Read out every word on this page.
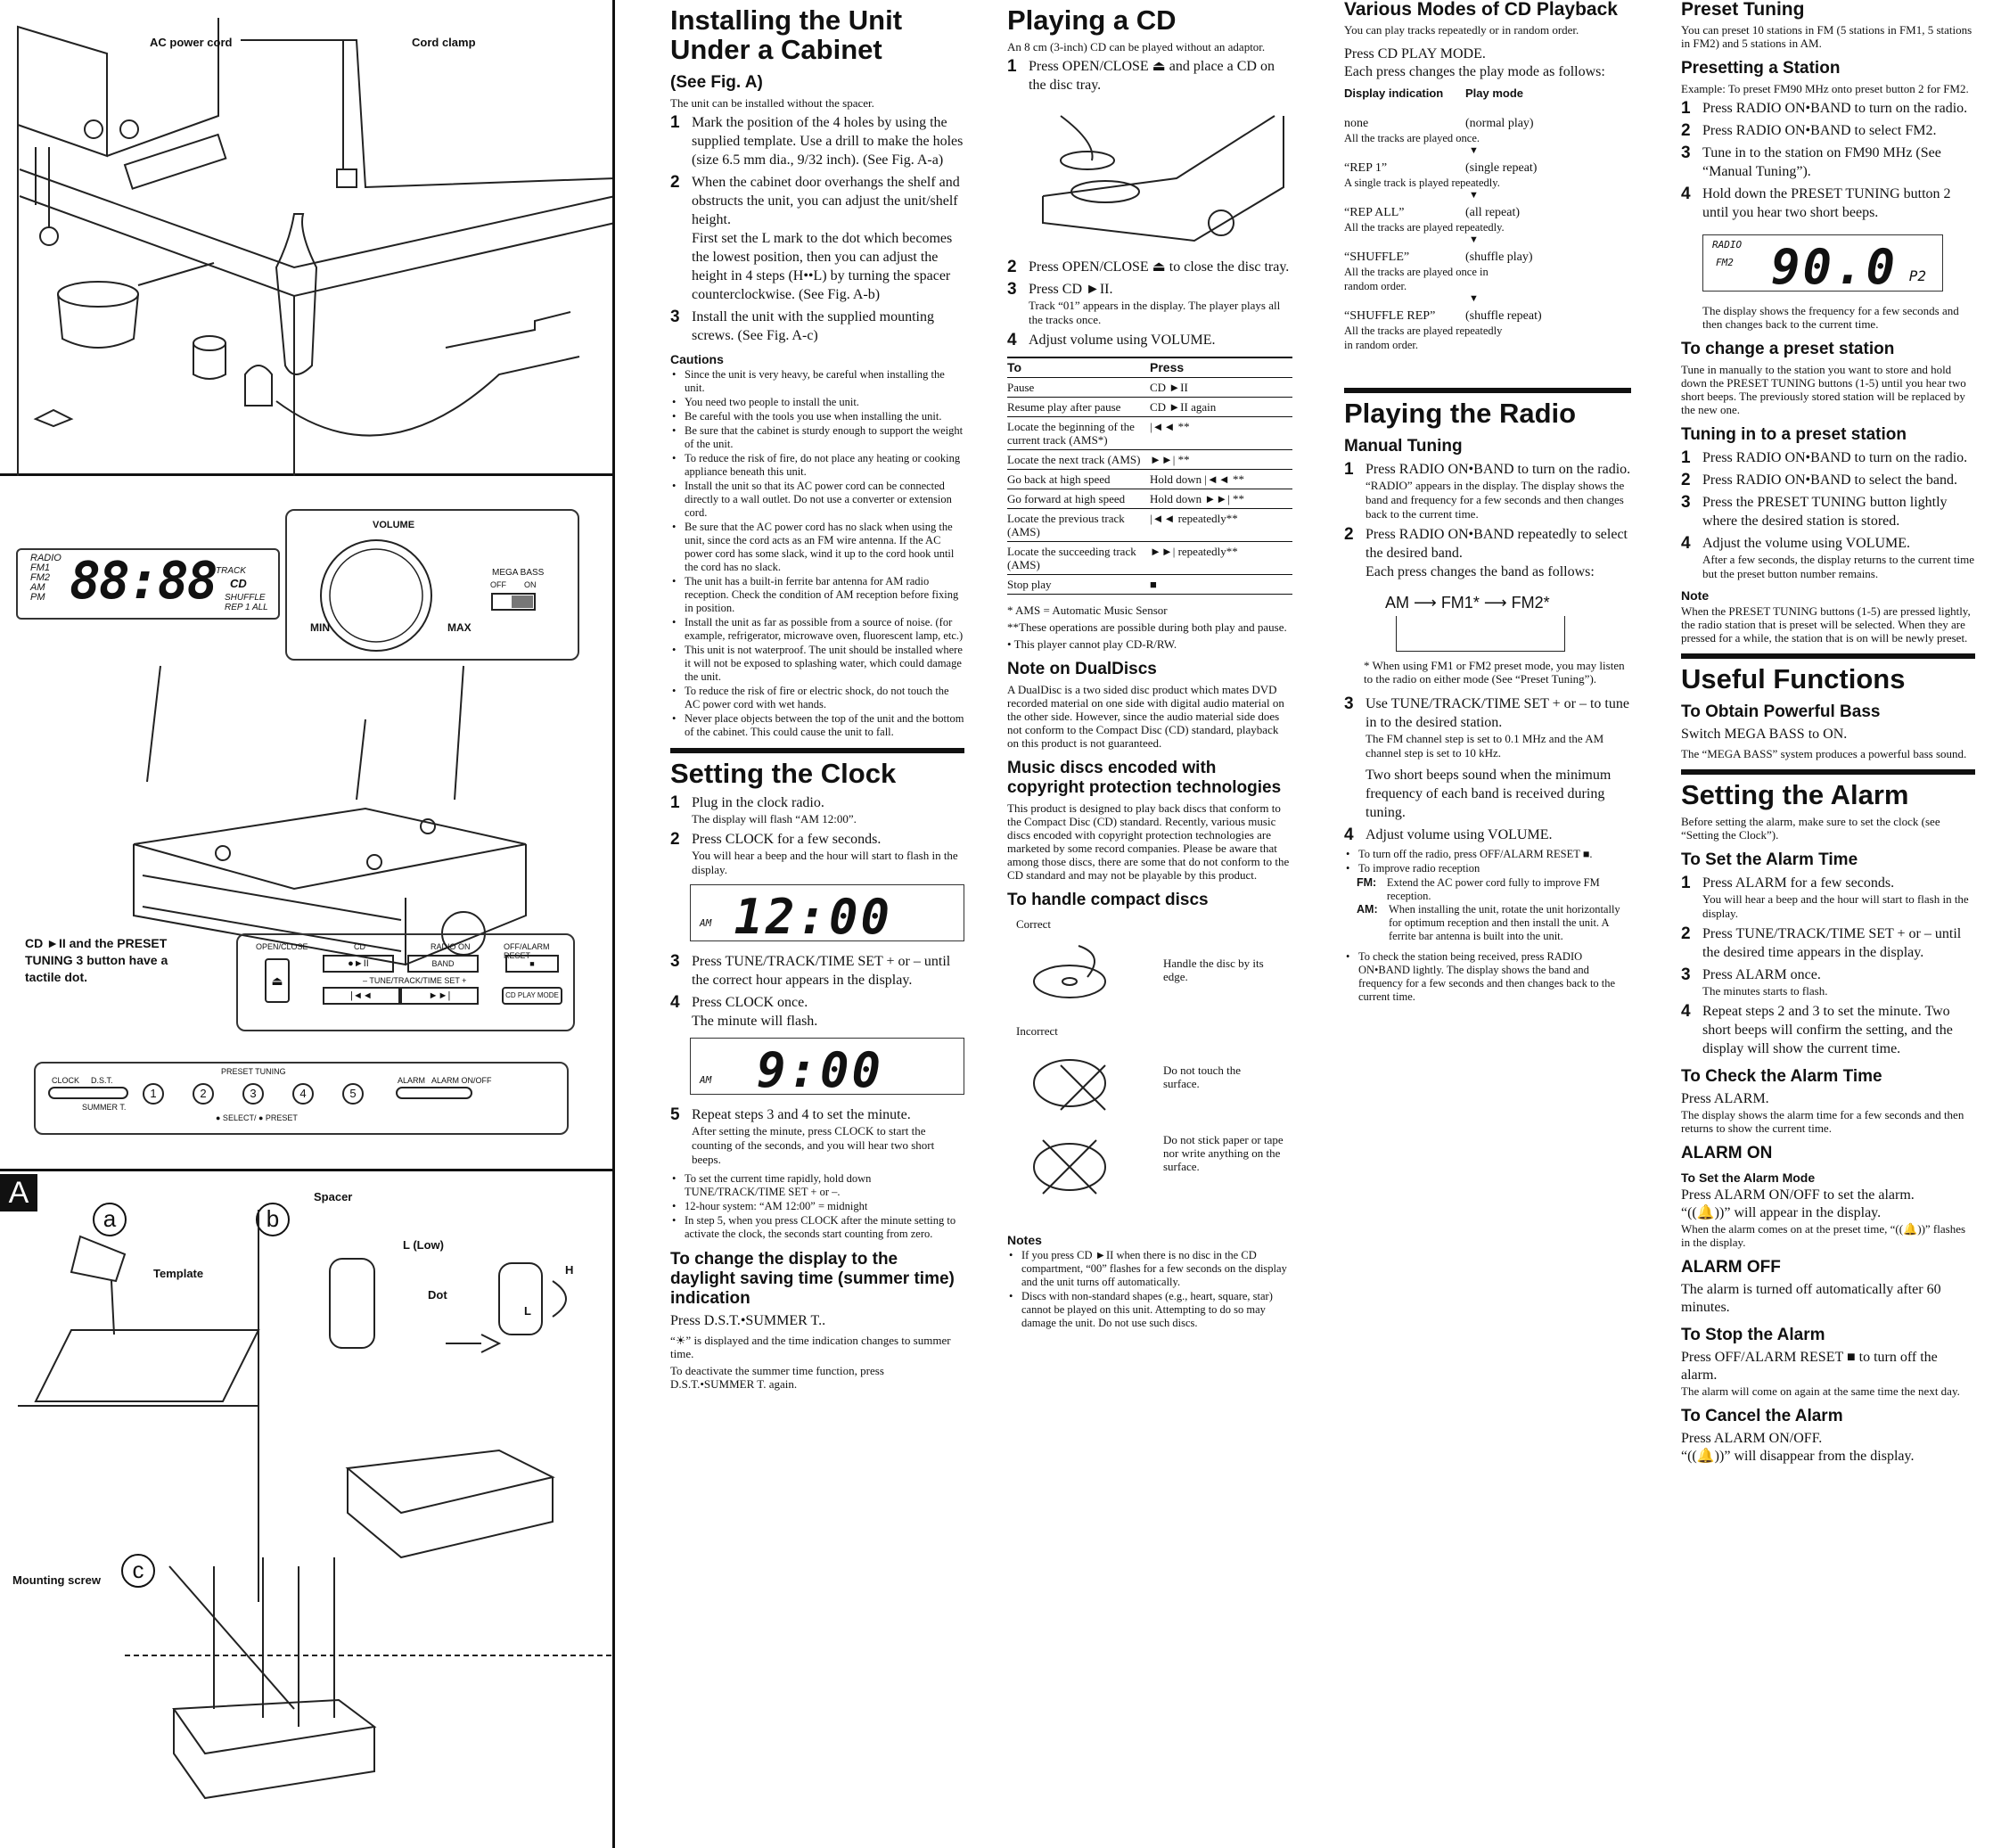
AC power cord	Cord clamp
RADIO
FM1
FM2
AM
PM 88:88 TRACK
CD
SHUFFLE
REP 1 ALL
VOLUME
MIN	MAX
MEGA BASS
OFF ON
CD ►II and the PRESET TUNING 3 button have a tactile dot.
OPEN/CLOSE
⏏
CD
●►II
RADIO ON
BAND
OFF/ALARM RESET
■
– TUNE/TRACK/TIME SET +
|◄◄	►►|	CD PLAY MODE
CLOCK D.S.T.
SUMMER T.
PRESET TUNING
1	2	3	4	5
● SELECT/ ● PRESET
ALARM ALARM ON/OFF
A
a	b
c
Spacer
Template
L (Low)
Dot
H
L
Mounting screw
Installing the Unit Under a Cabinet
(See Fig. A)

The unit can be installed without the spacer.

1 Mark the position of the 4 holes by using the supplied template. Use a drill to make the holes (size 6.5 mm dia., 9/32 inch). (See Fig. A-a)
2 When the cabinet door overhangs the shelf and obstructs the unit, you can adjust the unit/shelf height.
First set the L mark to the dot which becomes the lowest position, then you can adjust the height in 4 steps (H••L) by turning the spacer counterclockwise. (See Fig. A-b)
3 Install the unit with the supplied mounting screws. (See Fig. A-c)
Cautions
• Since the unit is very heavy, be careful when installing the unit.
• You need two people to install the unit.
• Be careful with the tools you use when installing the unit.
• Be sure that the cabinet is sturdy enough to support the weight of the unit.
• To reduce the risk of fire, do not place any heating or cooking appliance beneath this unit.
• Install the unit so that its AC power cord can be connected directly to a wall outlet. Do not use a converter or extension cord.
• Be sure that the AC power cord has no slack when using the unit, since the cord acts as an FM wire antenna. If the AC power cord has some slack, wind it up to the cord hook until the cord has no slack.
• The unit has a built-in ferrite bar antenna for AM radio reception. Check the condition of AM reception before fixing in position.
• Install the unit as far as possible from a source of noise. (for example, refrigerator, microwave oven, fluorescent lamp, etc.)
• This unit is not waterproof. The unit should be installed where it will not be exposed to splashing water, which could damage the unit.
• To reduce the risk of fire or electric shock, do not touch the AC power cord with wet hands.
• Never place objects between the top of the unit and the bottom of the cabinet. This could cause the unit to fall.
Setting the Clock
1 Plug in the clock radio.
The display will flash “AM 12:00”.
2 Press CLOCK for a few seconds.
You will hear a beep and the hour will start to flash in the display.
AM 12:00
3 Press TUNE/TRACK/TIME SET + or – until the correct hour appears in the display.
4 Press CLOCK once.
The minute will flash.
AM 9:00
5 Repeat steps 3 and 4 to set the minute.
After setting the minute, press CLOCK to start the counting of the seconds, and you will hear two short beeps.
• To set the current time rapidly, hold down TUNE/TRACK/TIME SET + or –.
• 12-hour system: “AM 12:00” = midnight
• In step 5, when you press CLOCK after the minute setting to activate the clock, the seconds start counting from zero.
To change the display to the daylight saving time (summer time) indication

Press D.S.T.•SUMMER T..

“☀” is displayed and the time indication changes to summer time.

To deactivate the summer time function, press D.S.T.•SUMMER T. again.

Playing a CD

An 8 cm (3-inch) CD can be played without an adaptor.

1 Press OPEN/CLOSE ⏏ and place a CD on the disc tray.
2 Press OPEN/CLOSE ⏏ to close the disc tray.
3 Press CD ►II.
Track “01” appears in the display. The player plays all the tracks once.
4 Adjust volume using VOLUME.
To	Press
Pause	CD ►II
Resume play after pause	CD ►II again
Locate the beginning of the current track (AMS*)	|◄◄ **
Locate the next track (AMS)	►►| **
Go back at high speed	Hold down |◄◄ **
Go forward at high speed	Hold down ►►| **
Locate the previous track (AMS)	|◄◄ repeatedly**
Locate the succeeding track (AMS)	►►| repeatedly**
Stop play	■

* AMS = Automatic Music Sensor

**These operations are possible during both play and pause.

• This player cannot play CD-R/RW.

Note on DualDiscs

A DualDisc is a two sided disc product which mates DVD recorded material on one side with digital audio material on the other side. However, since the audio material side does not conform to the Compact Disc (CD) standard, playback on this product is not guaranteed.

Music discs encoded with copyright protection technologies

This product is designed to play back discs that conform to the Compact Disc (CD) standard. Recently, various music discs encoded with copyright protection technologies are marketed by some record companies. Please be aware that among those discs, there are some that do not conform to the CD standard and may not be playable by this product.

To handle compact discs

Correct

Handle the disc by its edge.

Incorrect

Do not touch the surface.

Do not stick paper or tape nor write anything on the surface.

Notes
• If you press CD ►II when there is no disc in the CD compartment, “00” flashes for a few seconds on the display and the unit turns off automatically.
• Discs with non-standard shapes (e.g., heart, square, star) cannot be played on this unit. Attempting to do so may damage the unit. Do not use such discs.
Various Modes of CD Playback

You can play tracks repeatedly or in random order.

Press CD PLAY MODE.

Each press changes the play mode as follows:

Display indication	Play mode
none	(normal play)
All the tracks are played once.
▼
“REP 1”	(single repeat)
A single track is played repeatedly.
▼
“REP ALL”	(all repeat)
All the tracks are played repeatedly.
▼
“SHUFFLE”	(shuffle play)
All the tracks are played once in random order.
▼
“SHUFFLE REP”	(shuffle repeat)
All the tracks are played repeatedly in random order.
Playing the Radio
Manual Tuning
1 Press RADIO ON•BAND to turn on the radio.
“RADIO” appears in the display. The display shows the band and frequency for a few seconds and then changes back to the current time.
2 Press RADIO ON•BAND repeatedly to select the desired band.
Each press changes the band as follows:
AM ⟶ FM1* ⟶ FM2*

* When using FM1 or FM2 preset mode, you may listen to the radio on either mode (See “Preset Tuning”).

3 Use TUNE/TRACK/TIME SET + or – to tune in to the desired station.
The FM channel step is set to 0.1 MHz and the AM channel step is set to 10 kHz.
Two short beeps sound when the minimum frequency of each band is received during tuning.
4 Adjust volume using VOLUME.
• To turn off the radio, press OFF/ALARM RESET ■.
• To improve radio reception
FM: Extend the AC power cord fully to improve FM reception.
AM: When installing the unit, rotate the unit horizontally for optimum reception and then install the unit. A ferrite bar antenna is built into the unit.
• To check the station being received, press RADIO ON•BAND lightly. The display shows the band and frequency for a few seconds and then changes back to the current time.
Preset Tuning

You can preset 10 stations in FM (5 stations in FM1, 5 stations in FM2) and 5 stations in AM.

Presetting a Station

Example: To preset FM90 MHz onto preset button 2 for FM2.

1 Press RADIO ON•BAND to turn on the radio.
2 Press RADIO ON•BAND to select FM2.
3 Tune in to the station on FM90 MHz (See “Manual Tuning”).
4 Hold down the PRESET TUNING button 2 until you hear two short beeps.
RADIO
FM2 90.0 P2

The display shows the frequency for a few seconds and then changes back to the current time.

To change a preset station

Tune in manually to the station you want to store and hold down the PRESET TUNING buttons (1-5) until you hear two short beeps. The previously stored station will be replaced by the new one.

Tuning in to a preset station
1 Press RADIO ON•BAND to turn on the radio.
2 Press RADIO ON•BAND to select the band.
3 Press the PRESET TUNING button lightly where the desired station is stored.
4 Adjust the volume using VOLUME.
After a few seconds, the display returns to the current time but the preset button number remains.
Note

When the PRESET TUNING buttons (1-5) are pressed lightly, the radio station that is preset will be selected. When they are pressed for a while, the station that is on will be newly preset.

Useful Functions
To Obtain Powerful Bass

Switch MEGA BASS to ON.

The “MEGA BASS” system produces a powerful bass sound.

Setting the Alarm

Before setting the alarm, make sure to set the clock (see “Setting the Clock”).

To Set the Alarm Time
1 Press ALARM for a few seconds.
You will hear a beep and the hour will start to flash in the display.
2 Press TUNE/TRACK/TIME SET + or – until the desired time appears in the display.
3 Press ALARM once.
The minutes starts to flash.
4 Repeat steps 2 and 3 to set the minute. Two short beeps will confirm the setting, and the display will show the current time.
To Check the Alarm Time

Press ALARM.

The display shows the alarm time for a few seconds and then returns to show the current time.

ALARM ON
To Set the Alarm Mode

Press ALARM ON/OFF to set the alarm.

“((🔔))” will appear in the display.

When the alarm comes on at the preset time, “((🔔))” flashes in the display.

ALARM OFF

The alarm is turned off automatically after 60 minutes.

To Stop the Alarm

Press OFF/ALARM RESET ■ to turn off the alarm.

The alarm will come on again at the same time the next day.

To Cancel the Alarm

Press ALARM ON/OFF.

“((🔔))” will disappear from the display.
